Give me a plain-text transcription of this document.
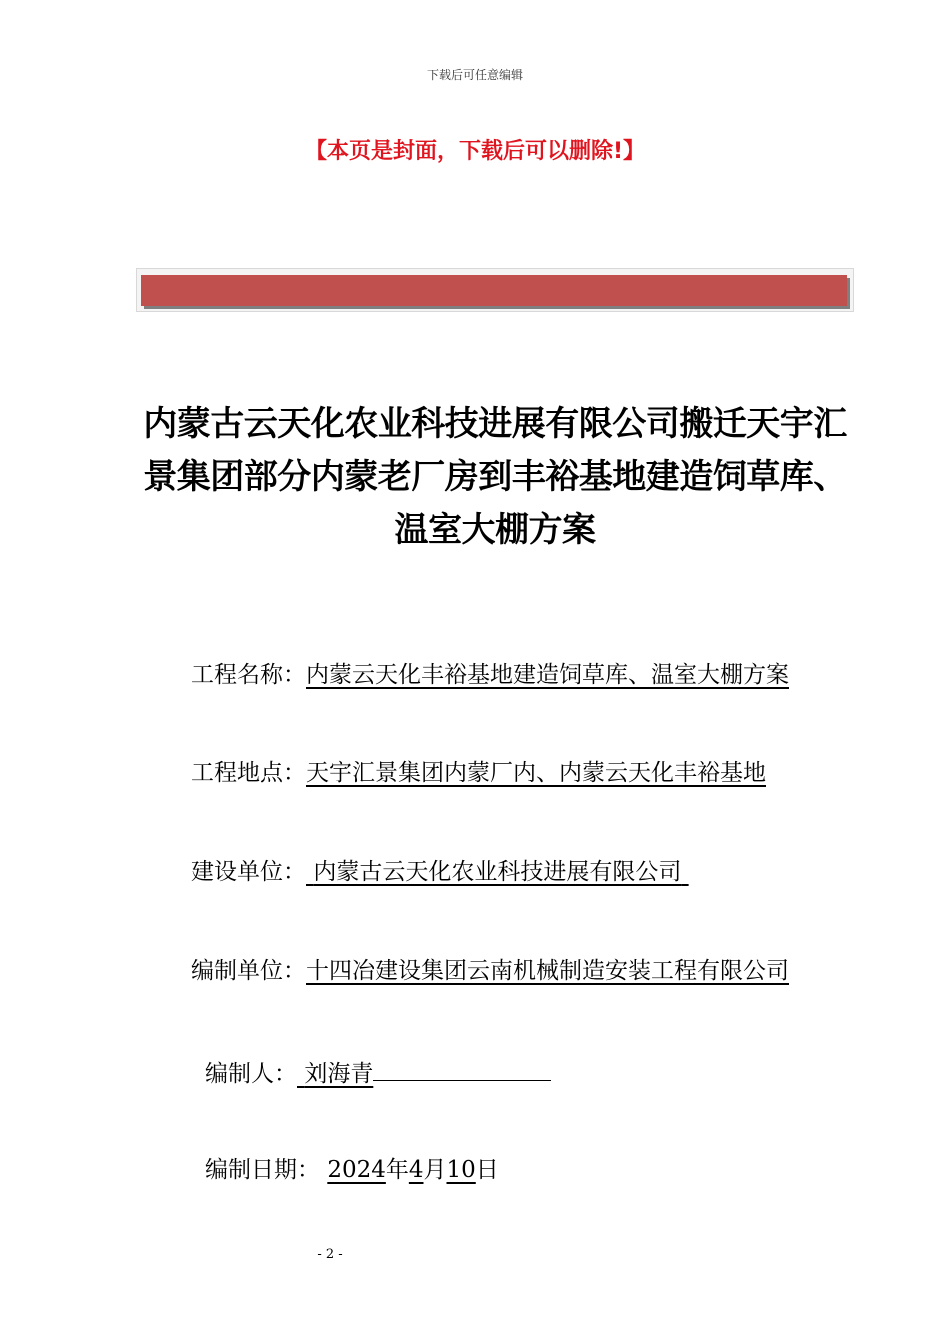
下载后可任意编辑
【本页是封面，下载后可以删除!】
内蒙古云天化农业科技进展有限公司搬迁天宇汇
景集团部分内蒙老厂房到丰裕基地建造饲草库、
温室大棚方案
工程名称：内蒙云天化丰裕基地建造饲草库、温室大棚方案
工程地点：天宇汇景集团内蒙厂内、内蒙云天化丰裕基地
建设单位： 内蒙古云天化农业科技进展有限公司
编制单位：十四冶建设集团云南机械制造安装工程有限公司
编制人： 刘海青
编制日期： 2024年4月10日
- 2 -
